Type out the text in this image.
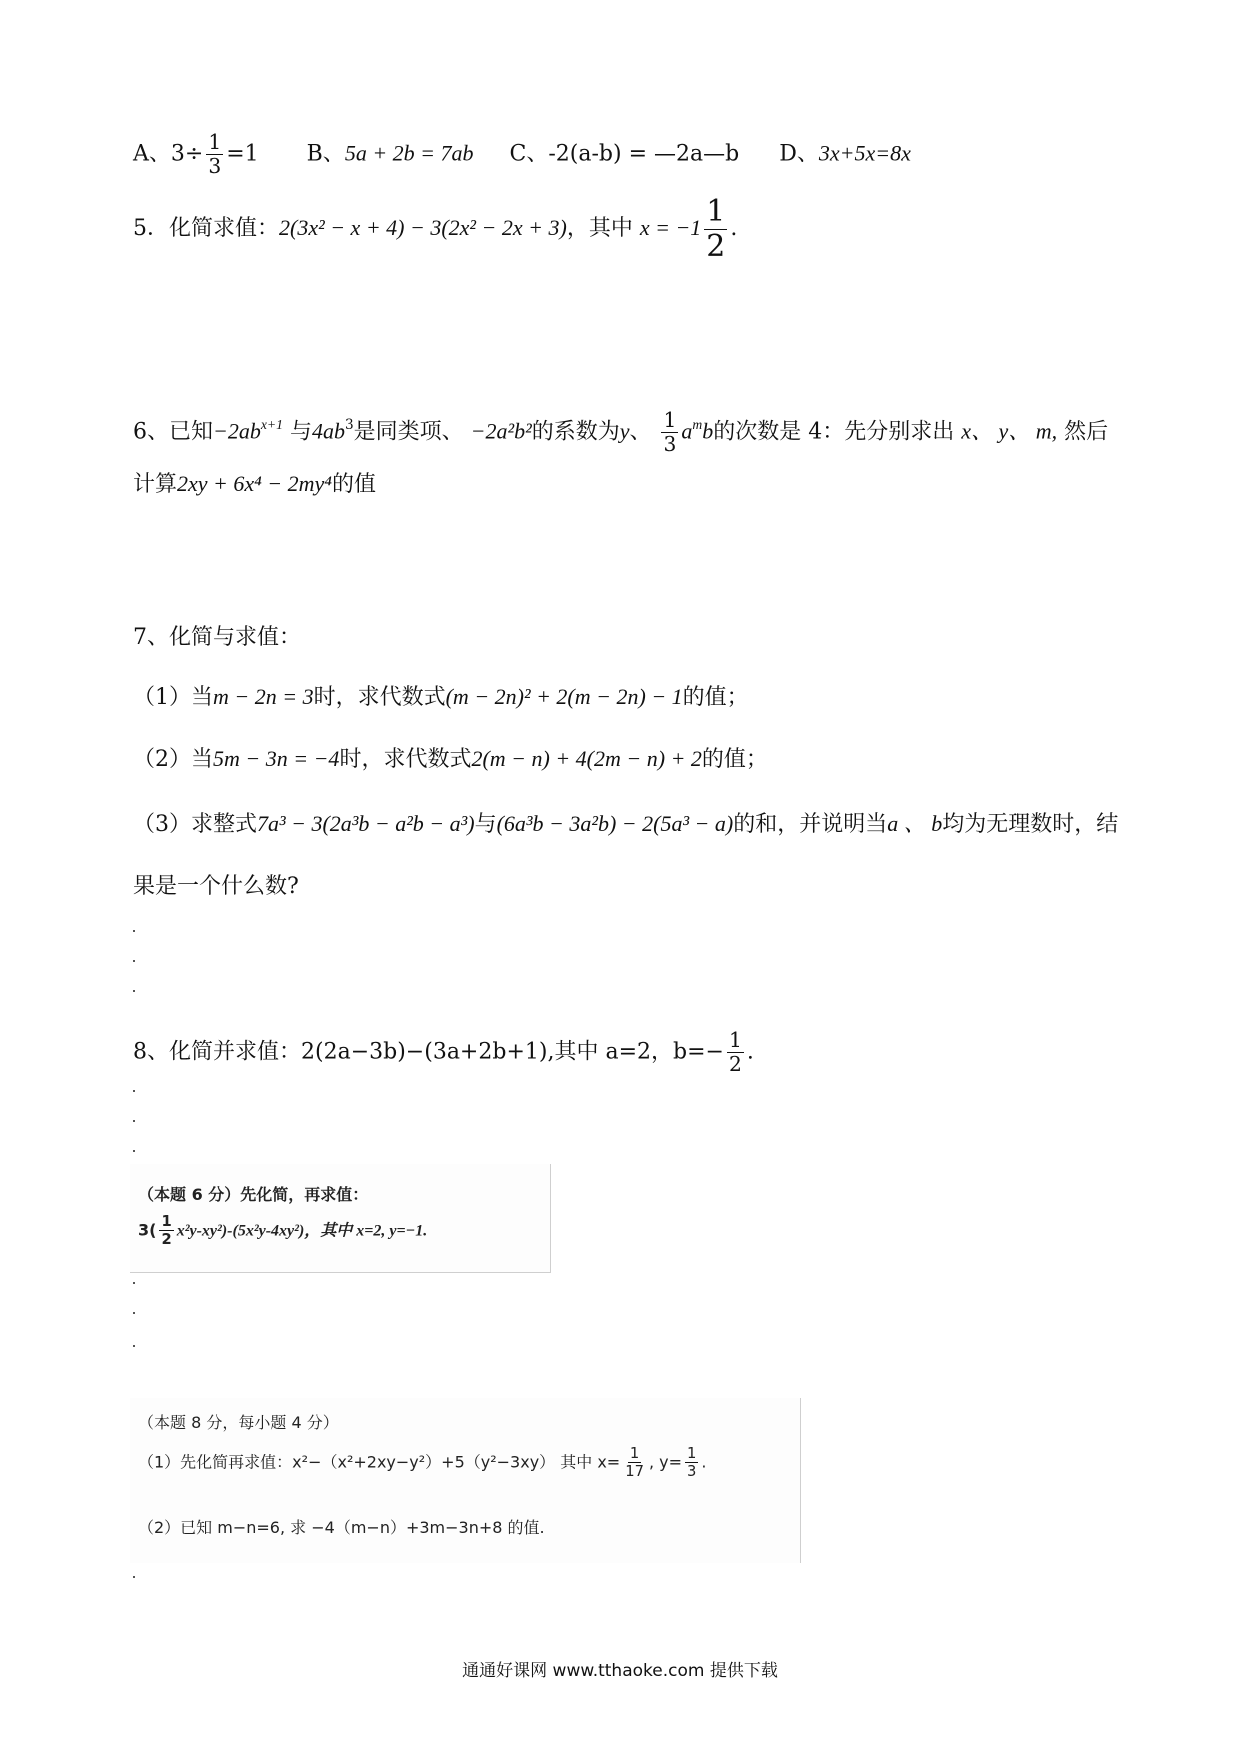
A、$3\div \frac{1}{3} =1$ B、5a + 2b = 7ab C、-2(a-b) = —2a—b D、3x+5x=8x
5．化简求值：2(3x² − x + 4) − 3(2x² − 2x + 3)，其中 $x = -1 \frac{1}{2}$ .
6、已知$-2ab^{x+1}$ 与$4ab^3$是同类项、 −2a²b²的系数为y、 $\frac{1}{3} a^mb$的次数是 4：先分别求出 x、 y、 m, 然后
计算2xy + 6x⁴ − 2my⁴的值
7、化简与求值：
（1）当m − 2n = 3时，求代数式(m − 2n)² + 2(m − 2n) − 1的值；
（2）当5m − 3n = −4时，求代数式2(m − n) + 4(2m − n) + 2的值；
（3）求整式7a³ − 3(2a³b − a²b − a³)与(6a³b − 3a²b) − 2(5a³ − a)的和，并说明当a 、 b均为无理数时，结
果是一个什么数?
8、化简并求值：2(2a−3b)−(3a+2b+1),其中 a=2，$b=- \frac{1}{2}$ .
（本题 6 分）先化简，再求值：
$3( \frac{1}{2} x^2y-xy^2)-(5x^2y-4xy^2)$，其中 x=2, y=−1.
（本题 8 分，每小题 4 分）
（1）先化简再求值：x²−（x²+2xy−y²）+5（y²−3xy） 其中 $x= \frac{1}{17}$ , $y= \frac{1}{3}$ .
（2）已知 m−n=6, 求 −4（m−n）+3m−3n+8 的值.
通通好课网 www.tthaoke.com 提供下载
